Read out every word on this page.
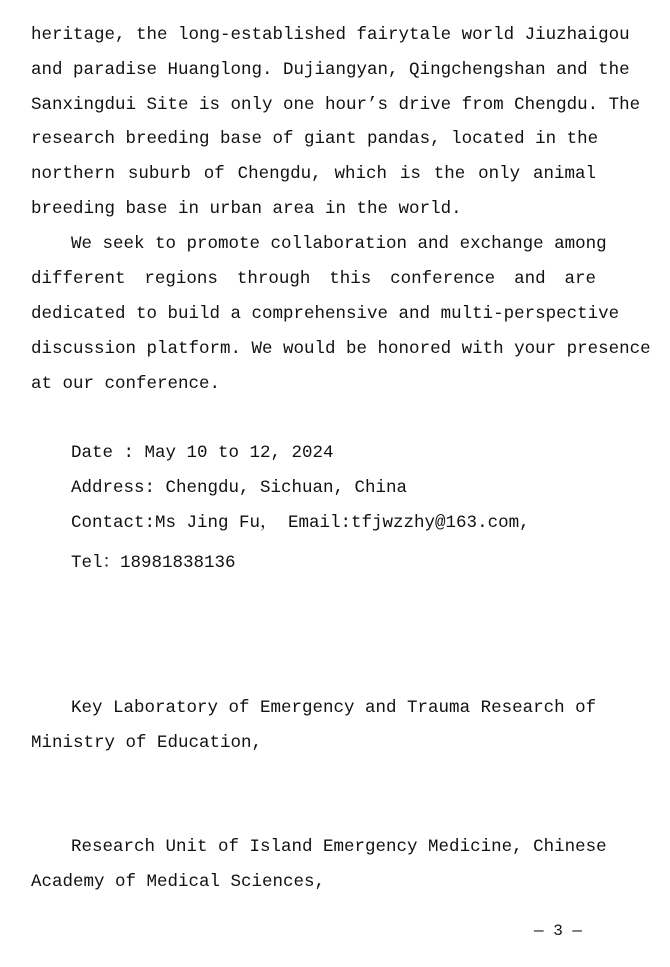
heritage, the long-established fairytale world Jiuzhaigou
and paradise Huanglong. Dujiangyan, Qingchengshan and the
Sanxingdui Site is only one hour’s drive from Chengdu. The
research breeding base of giant pandas, located in the
northern suburb of Chengdu, which is the only animal
breeding base in urban area in the world.
We seek to promote collaboration and exchange among
different regions through this conference and are
dedicated to build a comprehensive and multi-perspective
discussion platform. We would be honored with your presence
at our conference.
Date : May 10 to 12, 2024
Address: Chengdu, Sichuan, China
Contact:Ms Jing Fu， Email:tfjwzzhy@163.com,
Tel：18981838136
Key Laboratory of Emergency and Trauma Research of
Ministry of Education,
Research Unit of Island Emergency Medicine, Chinese
Academy of Medical Sciences,
— 3 —
